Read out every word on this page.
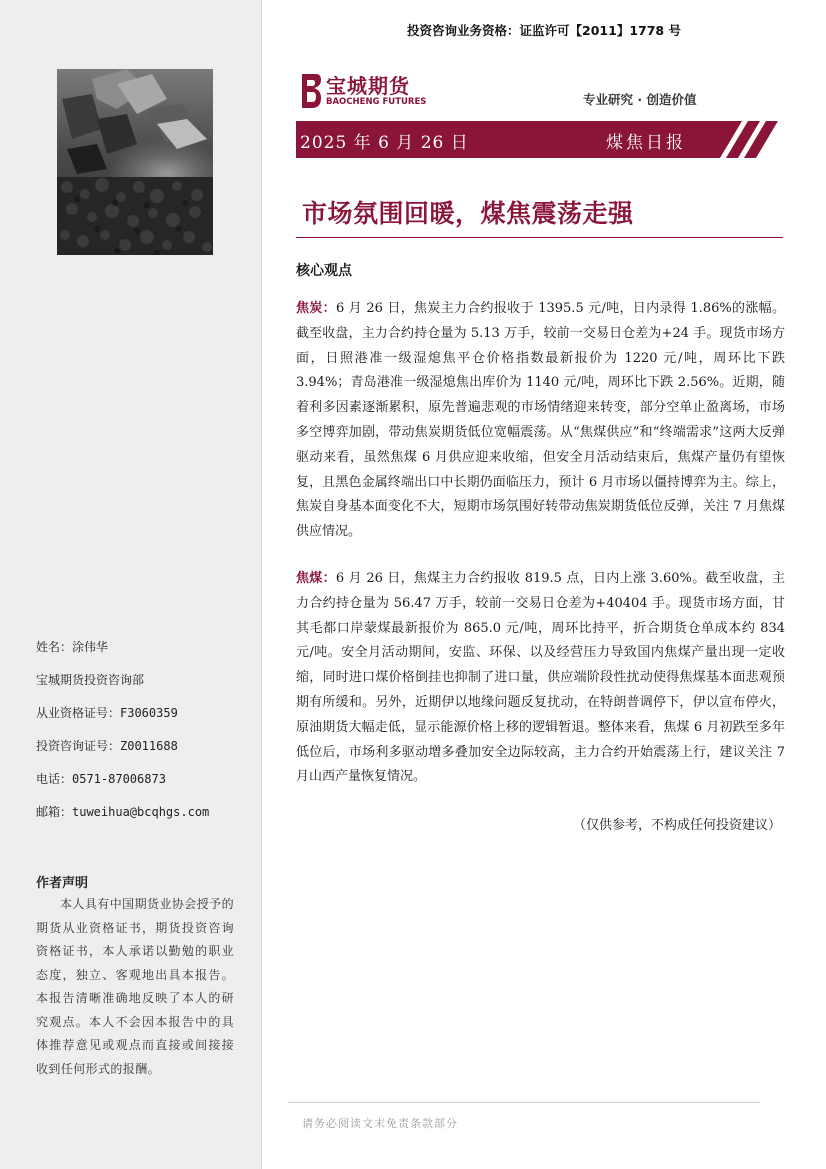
姓名：涂伟华
宝城期货投资咨询部
从业资格证号：F3060359
投资咨询证号：Z0011688
电话：0571-87006873
邮箱：tuweihua@bcqhgs.com
作者声明
本人具有中国期货业协会授予的期货从业资格证书，期货投资咨询资格证书，本人承诺以勤勉的职业态度，独立、客观地出具本报告。本报告清晰准确地反映了本人的研究观点。本人不会因本报告中的具体推荐意见或观点而直接或间接接收到任何形式的报酬。
投资咨询业务资格：证监许可【2011】1778 号
宝城期货
BAOCHENG FUTURES	专业研究 · 创造价值
2025 年 6 月 26 日	煤焦日报
市场氛围回暖，煤焦震荡走强
核心观点
焦炭：6 月 26 日，焦炭主力合约报收于 1395.5 元/吨，日内录得 1.86%的涨幅。截至收盘，主力合约持仓量为 5.13 万手，较前一交易日仓差为+24 手。现货市场方面，日照港准一级湿熄焦平仓价格指数最新报价为 1220 元/吨，周环比下跌 3.94%；青岛港准一级湿熄焦出库价为 1140 元/吨，周环比下跌 2.56%。近期，随着利多因素逐渐累积，原先普遍悲观的市场情绪迎来转变，部分空单止盈离场，市场多空博弈加剧，带动焦炭期货低位宽幅震荡。从“焦煤供应”和“终端需求”这两大反弹驱动来看，虽然焦煤 6 月供应迎来收缩，但安全月活动结束后，焦煤产量仍有望恢复，且黑色金属终端出口中长期仍面临压力，预计 6 月市场以僵持博弈为主。综上，焦炭自身基本面变化不大，短期市场氛围好转带动焦炭期货低位反弹，关注 7 月焦煤供应情况。
焦煤：6 月 26 日，焦煤主力合约报收 819.5 点，日内上涨 3.60%。截至收盘，主力合约持仓量为 56.47 万手，较前一交易日仓差为+40404 手。现货市场方面，甘其毛都口岸蒙煤最新报价为 865.0 元/吨，周环比持平，折合期货仓单成本约 834 元/吨。安全月活动期间，安监、环保、以及经营压力导致国内焦煤产量出现一定收缩，同时进口煤价格倒挂也抑制了进口量，供应端阶段性扰动使得焦煤基本面悲观预期有所缓和。另外，近期伊以地缘问题反复扰动，在特朗普调停下，伊以宣布停火，原油期货大幅走低，显示能源价格上移的逻辑暂退。整体来看，焦煤 6 月初跌至多年低位后，市场利多驱动增多叠加安全边际较高，主力合约开始震荡上行，建议关注 7 月山西产量恢复情况。
（仅供参考，不构成任何投资建议）
请务必阅读文末免责条款部分
